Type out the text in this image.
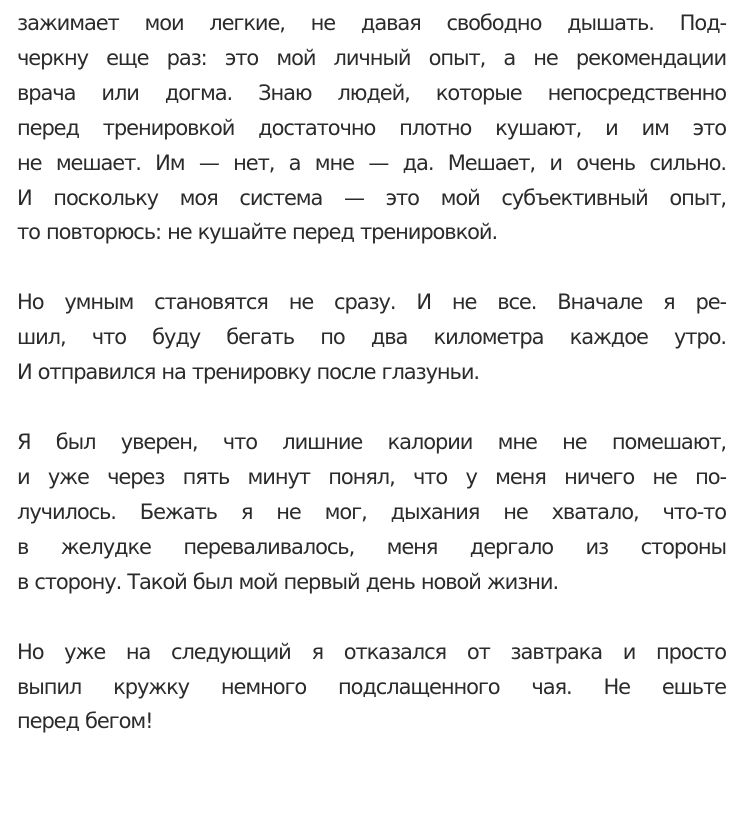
зажимает мои легкие, не давая свободно дышать. Под-
черкну еще раз: это мой личный опыт, а не рекомендации
врача или догма. Знаю людей, которые непосредственно
перед тренировкой достаточно плотно кушают, и им это
не мешает. Им — нет, а мне — да. Мешает, и очень сильно.
И поскольку моя система — это мой субъективный опыт,
то повторюсь: не кушайте перед тренировкой.

Но умным становятся не сразу. И не все. Вначале я ре-
шил, что буду бегать по два километра каждое утро.
И отправился на тренировку после глазуньи.

Я был уверен, что лишние калории мне не помешают,
и уже через пять минут понял, что у меня ничего не по-
лучилось. Бежать я не мог, дыхания не хватало, что-то
в желудке переваливалось, меня дергало из стороны
в сторону. Такой был мой первый день новой жизни.

Но уже на следующий я отказался от завтрака и просто
выпил кружку немного подслащенного чая. Не ешьте
перед бегом!
